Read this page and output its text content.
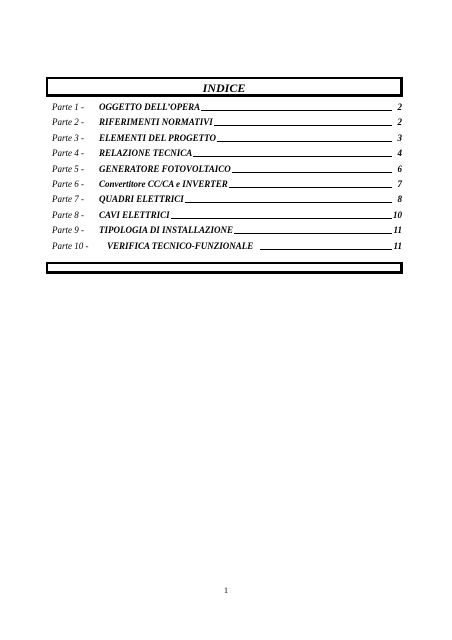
INDICE
Parte 1 - OGGETTO DELL’OPERA	2
Parte 2 - RIFERIMENTI NORMATIVI	2
Parte 3 - ELEMENTI DEL PROGETTO	3
Parte 4 - RELAZIONE TECNICA	4
Parte 5 - GENERATORE FOTOVOLTAICO	6
Parte 6 - Convertitore CC/CA e INVERTER	7
Parte 7 - QUADRI ELETTRICI	8
Parte 8 - CAVI ELETTRICI	10
Parte 9 - TIPOLOGIA DI INSTALLAZIONE	11
Parte 10 - VERIFICA TECNICO-FUNZIONALE	11
1
